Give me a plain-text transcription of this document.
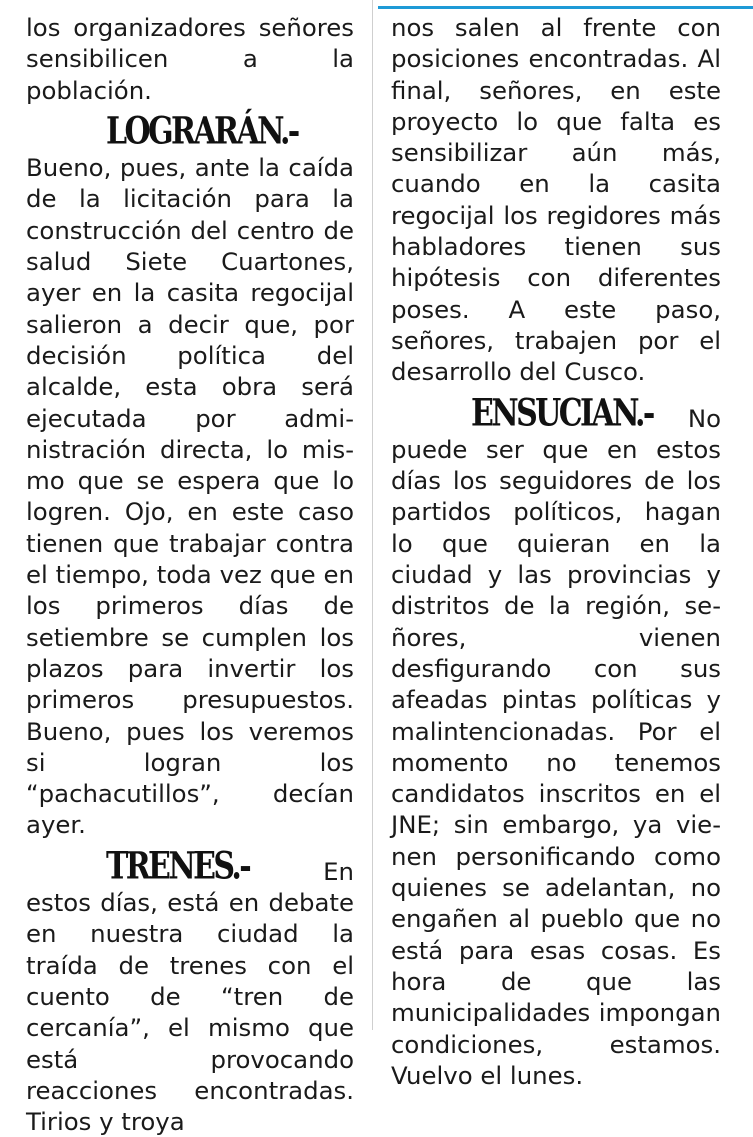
los organizadores señores sensibilicen a la población.

LOGRARÁN.- Bueno, pues, ante la caída de la licitación para la construcción del centro de salud Siete Cuartones, ayer en la casita regocijal salieron a decir que, por decisión política del alcalde, esta obra será ejecutada por administración directa, lo mismo que se espera que lo logren. Ojo, en este caso tienen que trabajar contra el tiempo, toda vez que en los primeros días de setiembre se cumplen los plazos para invertir los primeros presupuestos. Bueno, pues los veremos si logran los “pachacutillos”, decían ayer.

TRENES.-	En estos días, está en debate en nuestra ciudad la traída de trenes con el cuento de “tren de cercanía”, el mismo que está provocando reacciones encontradas. Tirios y troya

nos salen al frente con posiciones encontradas. Al final, señores, en este proyecto lo que falta es sensibilizar aún más, cuando en la casita regocijal los regidores más habladores tienen sus hipótesis con diferentes poses. A este paso, señores, trabajen por el desarrollo del Cusco.

ENSUCIAN.- No puede ser que en estos días los seguidores de los partidos políticos, hagan lo que quieran en la ciudad y las provincias y distritos de la región, señores, vienen desfigurando con sus afeadas pintas políticas y malintencionadas. Por el momento no tenemos candidatos inscritos en el JNE; sin embargo, ya vienen personificando como quienes se adelantan, no engañen al pueblo que no está para esas cosas. Es hora de que las municipalidades impongan condiciones, estamos. Vuelvo el lunes.
